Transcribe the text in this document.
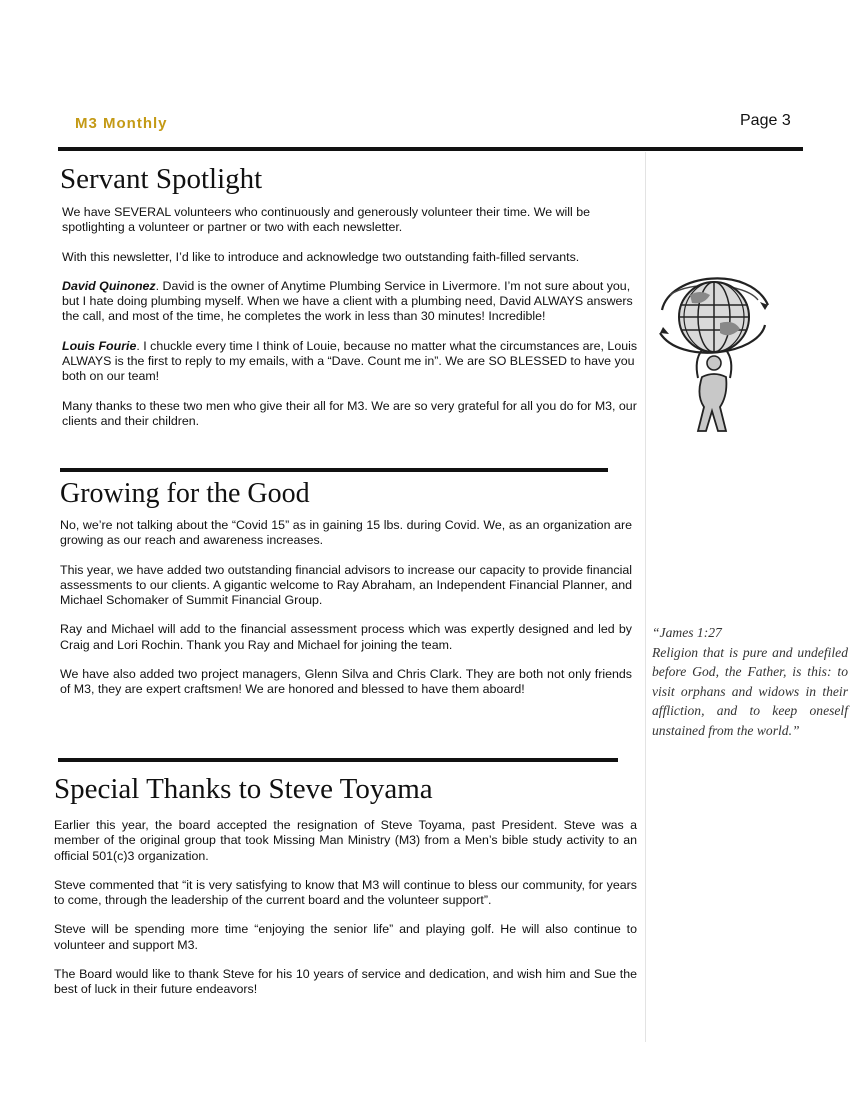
M3 Monthly	Page 3
Servant Spotlight

We have SEVERAL volunteers who continuously and generously volunteer their time. We will be spotlighting a volunteer or partner or two with each newsletter.

With this newsletter, I’d like to introduce and acknowledge two outstanding faith-filled servants.

David Quinonez. David is the owner of Anytime Plumbing Service in Livermore. I’m not sure about you, but I hate doing plumbing myself. When we have a client with a plumbing need, David ALWAYS answers the call, and most of the time, he completes the work in less than 30 minutes! Incredible!

Louis Fourie. I chuckle every time I think of Louie, because no matter what the circumstances are, Louis ALWAYS is the first to reply to my emails, with a “Dave. Count me in”. We are SO BLESSED to have you both on our team!

Many thanks to these two men who give their all for M3. We are so very grateful for all you do for M3, our clients and their children.

Growing for the Good

No, we’re not talking about the “Covid 15” as in gaining 15 lbs. during Covid. We, as an organization are growing as our reach and awareness increases.

This year, we have added two outstanding financial advisors to increase our capacity to provide financial assessments to our clients. A gigantic welcome to Ray Abraham, an Independent Financial Planner, and Michael Schomaker of Summit Financial Group.

Ray and Michael will add to the financial assessment process which was expertly designed and led by Craig and Lori Rochin. Thank you Ray and Michael for joining the team.

We have also added two project managers, Glenn Silva and Chris Clark. They are both not only friends of M3, they are expert craftsmen! We are honored and blessed to have them aboard!

Special Thanks to Steve Toyama

Earlier this year, the board accepted the resignation of Steve Toyama, past President. Steve was a member of the original group that took Missing Man Ministry (M3) from a Men’s bible study activity to an official 501(c)3 organization.

Steve commented that “it is very satisfying to know that M3 will continue to bless our community, for years to come, through the leadership of the current board and the volunteer support”.

Steve will be spending more time “enjoying the senior life” and playing golf. He will also continue to volunteer and support M3.

The Board would like to thank Steve for his 10 years of service and dedication, and wish him and Sue the best of luck in their future endeavors!

“James 1:27
Religion that is pure and undefiled before God, the Father, is this: to visit orphans and widows in their affliction, and to keep oneself unstained from the world.”
